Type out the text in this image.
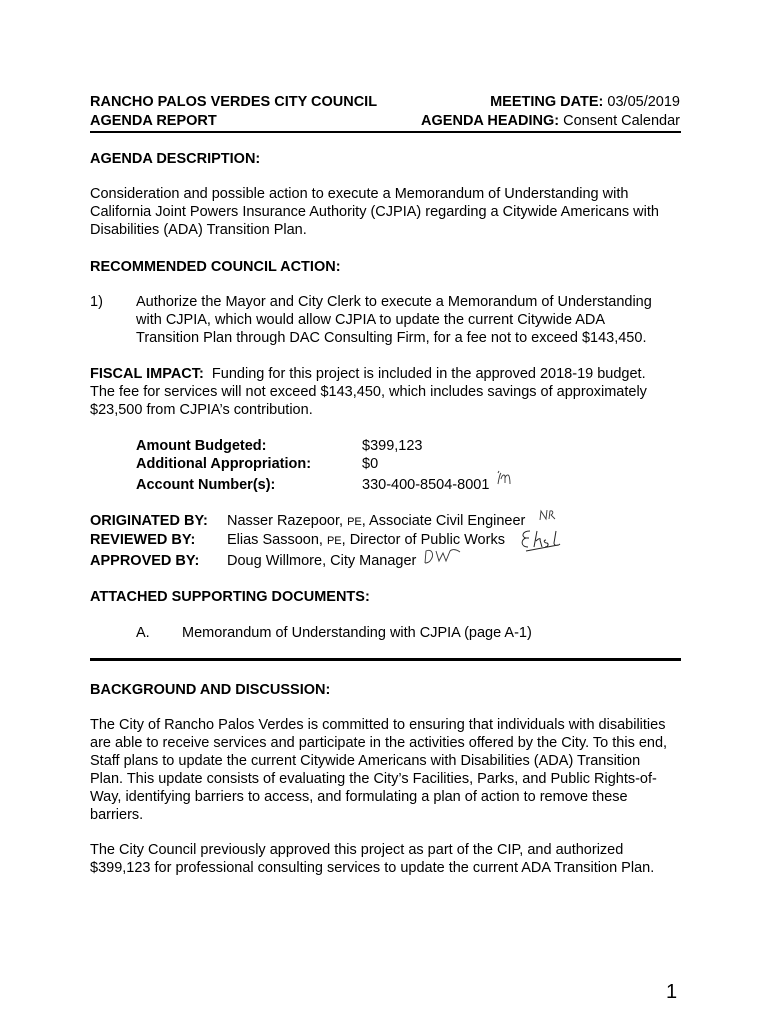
RANCHO PALOS VERDES CITY COUNCIL
AGENDA REPORT
MEETING DATE: 03/05/2019
AGENDA HEADING: Consent Calendar
AGENDA DESCRIPTION:
Consideration and possible action to execute a Memorandum of Understanding with California Joint Powers Insurance Authority (CJPIA) regarding a Citywide Americans with Disabilities (ADA) Transition Plan.
RECOMMENDED COUNCIL ACTION:
1) Authorize the Mayor and City Clerk to execute a Memorandum of Understanding
with CJPIA, which would allow CJPIA to update the current Citywide ADA
Transition Plan through DAC Consulting Firm, for a fee not to exceed $143,450.
FISCAL IMPACT: Funding for this project is included in the approved 2018-19 budget.
The fee for services will not exceed $143,450, which includes savings of approximately
$23,500 from CJPIA’s contribution.
Amount Budgeted:	$399,123
Additional Appropriation:	$0
Account Number(s):	330-400-8504-8001
ORIGINATED BY: Nasser Razepoor, PE, Associate Civil Engineer
REVIEWED BY: Elias Sassoon, PE, Director of Public Works
APPROVED BY: Doug Willmore, City Manager
ATTACHED SUPPORTING DOCUMENTS:
A. Memorandum of Understanding with CJPIA (page A-1)
BACKGROUND AND DISCUSSION:
The City of Rancho Palos Verdes is committed to ensuring that individuals with disabilities are able to receive services and participate in the activities offered by the City. To this end, Staff plans to update the current Citywide Americans with Disabilities (ADA) Transition Plan. This update consists of evaluating the City’s Facilities, Parks, and Public Rights-of-Way, identifying barriers to access, and formulating a plan of action to remove these barriers.
The City Council previously approved this project as part of the CIP, and authorized $399,123 for professional consulting services to update the current ADA Transition Plan.
1
